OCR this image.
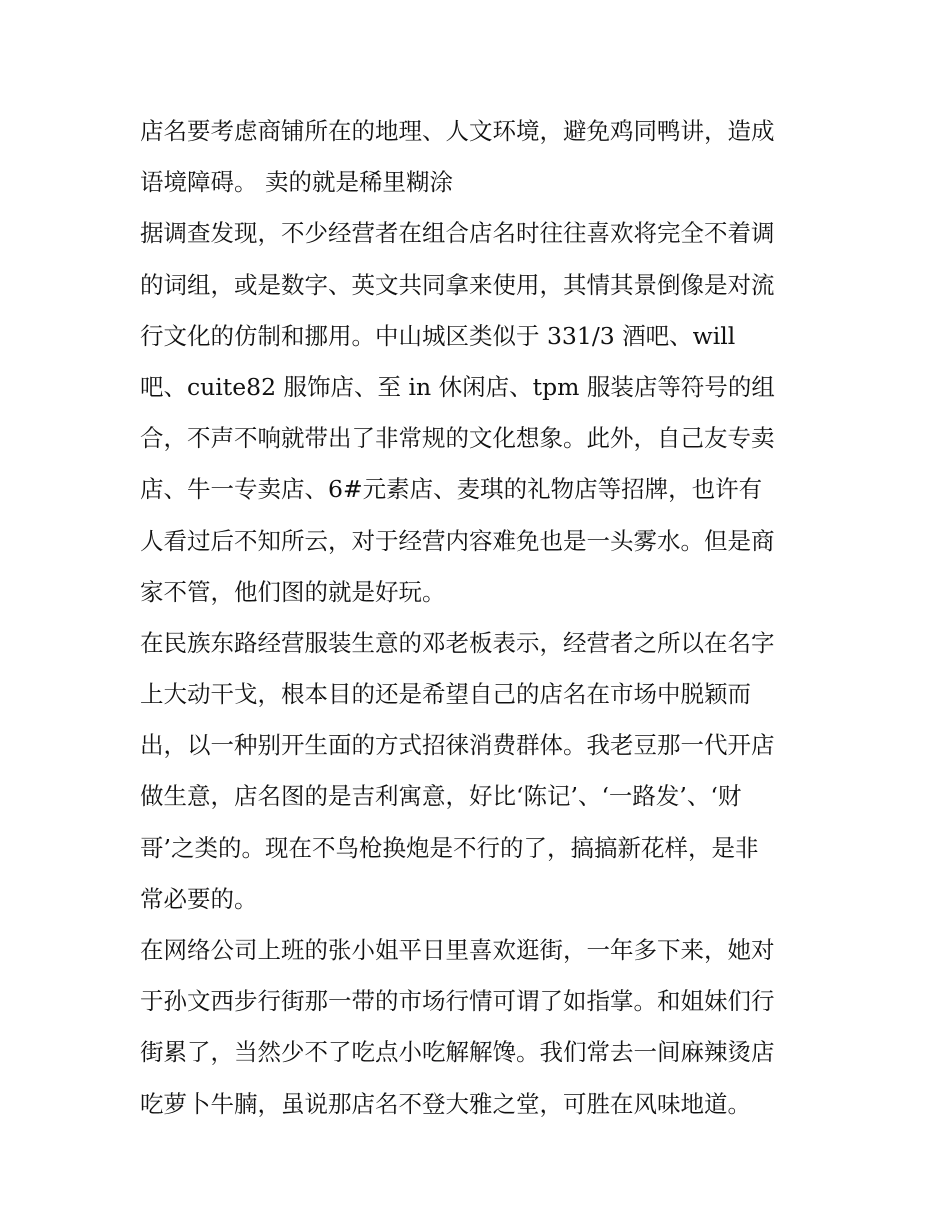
店名要考虑商铺所在的地理、人文环境，避免鸡同鸭讲，造成
语境障碍。 卖的就是稀里糊涂
据调查发现，不少经营者在组合店名时往往喜欢将完全不着调
的词组，或是数字、英文共同拿来使用，其情其景倒像是对流
行文化的仿制和挪用。中山城区类似于 331/3 酒吧、will
吧、cuite82 服饰店、至 in 休闲店、tpm 服装店等符号的组
合，不声不响就带出了非常规的文化想象。此外，自己友专卖
店、牛一专卖店、6#元素店、麦琪的礼物店等招牌，也许有
人看过后不知所云，对于经营内容难免也是一头雾水。但是商
家不管，他们图的就是好玩。
在民族东路经营服装生意的邓老板表示，经营者之所以在名字
上大动干戈，根本目的还是希望自己的店名在市场中脱颖而
出，以一种别开生面的方式招徕消费群体。我老豆那一代开店
做生意，店名图的是吉利寓意，好比‘陈记’、‘一路发’、‘财
哥’之类的。现在不鸟枪换炮是不行的了，搞搞新花样，是非
常必要的。
在网络公司上班的张小姐平日里喜欢逛街，一年多下来，她对
于孙文西步行街那一带的市场行情可谓了如指掌。和姐妹们行
街累了，当然少不了吃点小吃解解馋。我们常去一间麻辣烫店
吃萝卜牛腩，虽说那店名不登大雅之堂，可胜在风味地道。
